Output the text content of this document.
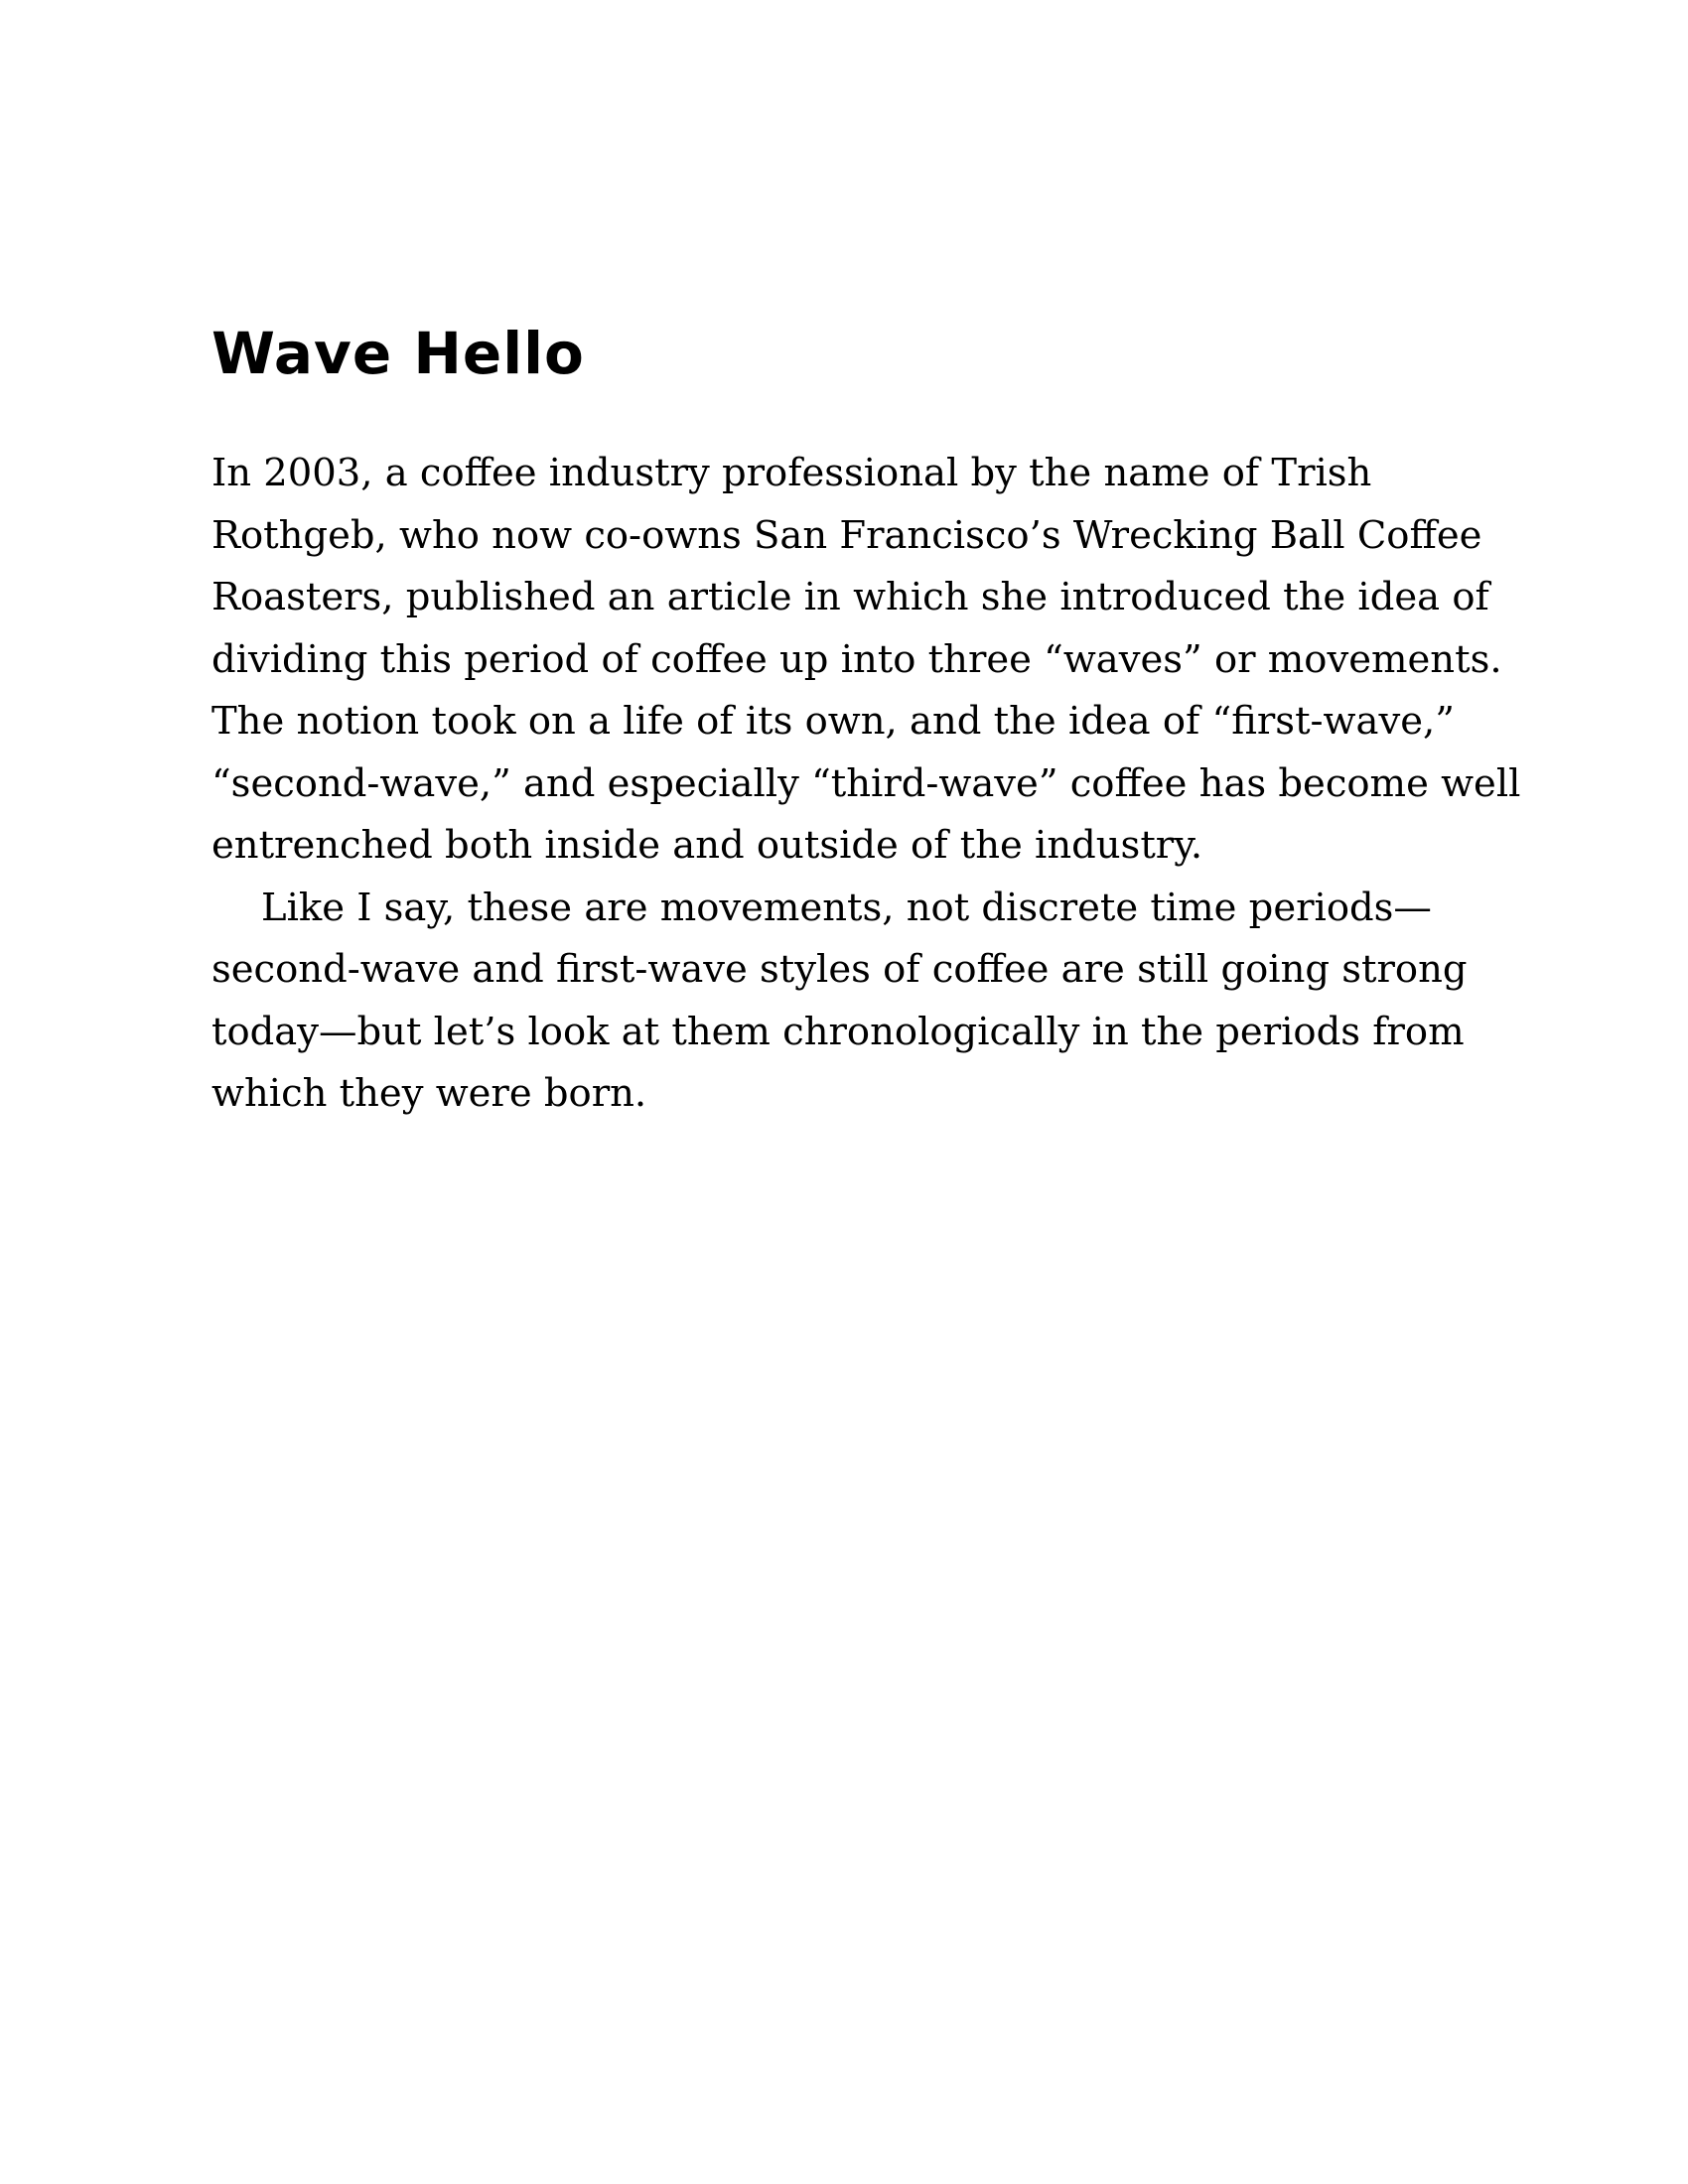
Wave Hello

In 2003, a coffee industry professional by the name of Trish
Rothgeb, who now co-owns San Francisco’s Wrecking Ball Coffee
Roasters, published an article in which she introduced the idea of
dividing this period of coffee up into three “waves” or movements.
The notion took on a life of its own, and the idea of “first-wave,”
“second-wave,” and especially “third-wave” coffee has become well
entrenched both inside and outside of the industry.

Like I say, these are movements, not discrete time periods—
second-wave and first-wave styles of coffee are still going strong
today—but let’s look at them chronologically in the periods from
which they were born.
